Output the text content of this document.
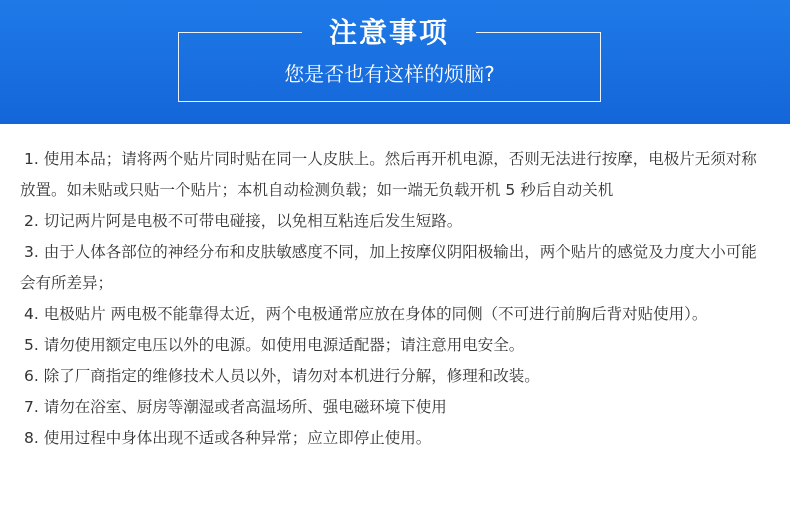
注意事项
您是否也有这样的烦脑?

1. 使用本品；请将两个贴片同时贴在同一人皮肤上。然后再开机电源，否则无法进行按摩，电极片无须对称放置。如未贴或只贴一个贴片；本机自动检测负载；如一端无负载开机 5 秒后自动关机

2. 切记两片阿是电极不可带电碰接，以免相互粘连后发生短路。

3. 由于人体各部位的神经分布和皮肤敏感度不同，加上按摩仪阴阳极输出，两个贴片的感觉及力度大小可能会有所差异；

4. 电极贴片 两电极不能靠得太近，两个电极通常应放在身体的同侧（不可进行前胸后背对贴使用）。

5. 请勿使用额定电压以外的电源。如使用电源适配器；请注意用电安全。

6. 除了厂商指定的维修技术人员以外，请勿对本机进行分解，修理和改装。

7. 请勿在浴室、厨房等潮湿或者高温场所、强电磁环境下使用

8. 使用过程中身体出现不适或各种异常；应立即停止使用。
